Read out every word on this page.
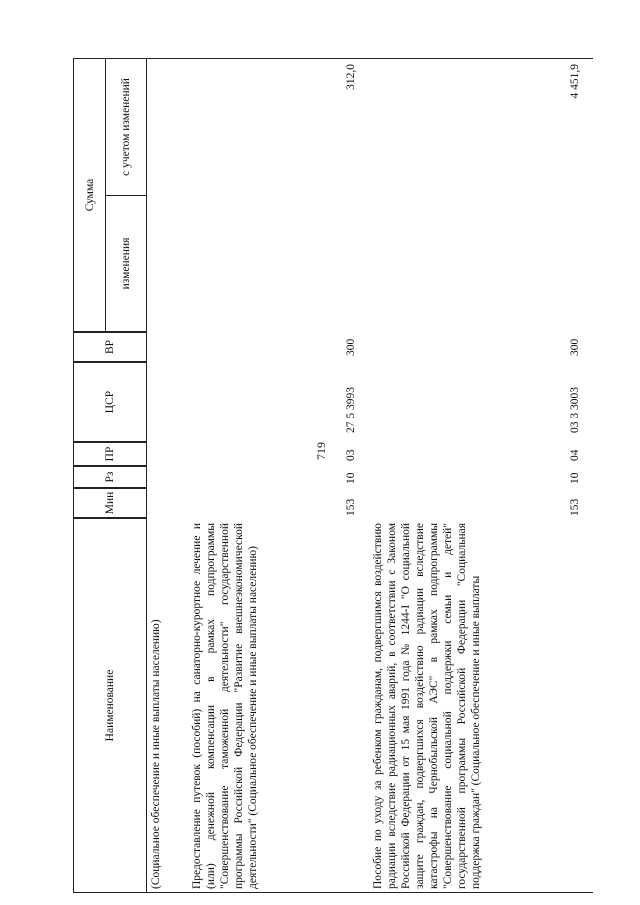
719
Наименование
Мин
Рз
ПР
ЦСР
ВР
Сумма
изменения
с учетом изменений
(Социальное обеспечение и иные выплаты населению)	Предоставление путевок (пособий) на санаторно-курортное лечение и (или) денежной компенсации в рамках подпрограммы "Совершенствование таможенной деятельности" государственной программы Российской Федерации "Развитие внешнеэкономической деятельности" (Социальное обеспечение и иные выплаты населению)
153
10
03
27 5 3993
300
312,0
Пособие по уходу за ребенком гражданам, подвергшимся воздействию радиации вследствие радиационных аварий, в соответствии с Законом Российской Федерации от 15 мая 1991 года № 1244-I "О социальной защите граждан, подвергшихся воздействию радиации вследствие катастрофы на Чернобыльской АЭС" в рамках подпрограммы "Совершенствование социальной поддержки семьи и детей" государственной программы Российской Федерации "Социальная поддержка граждан" (Социальное обеспечение и иные выплаты
153
10
04
03 3 3003
300
4 451,9
